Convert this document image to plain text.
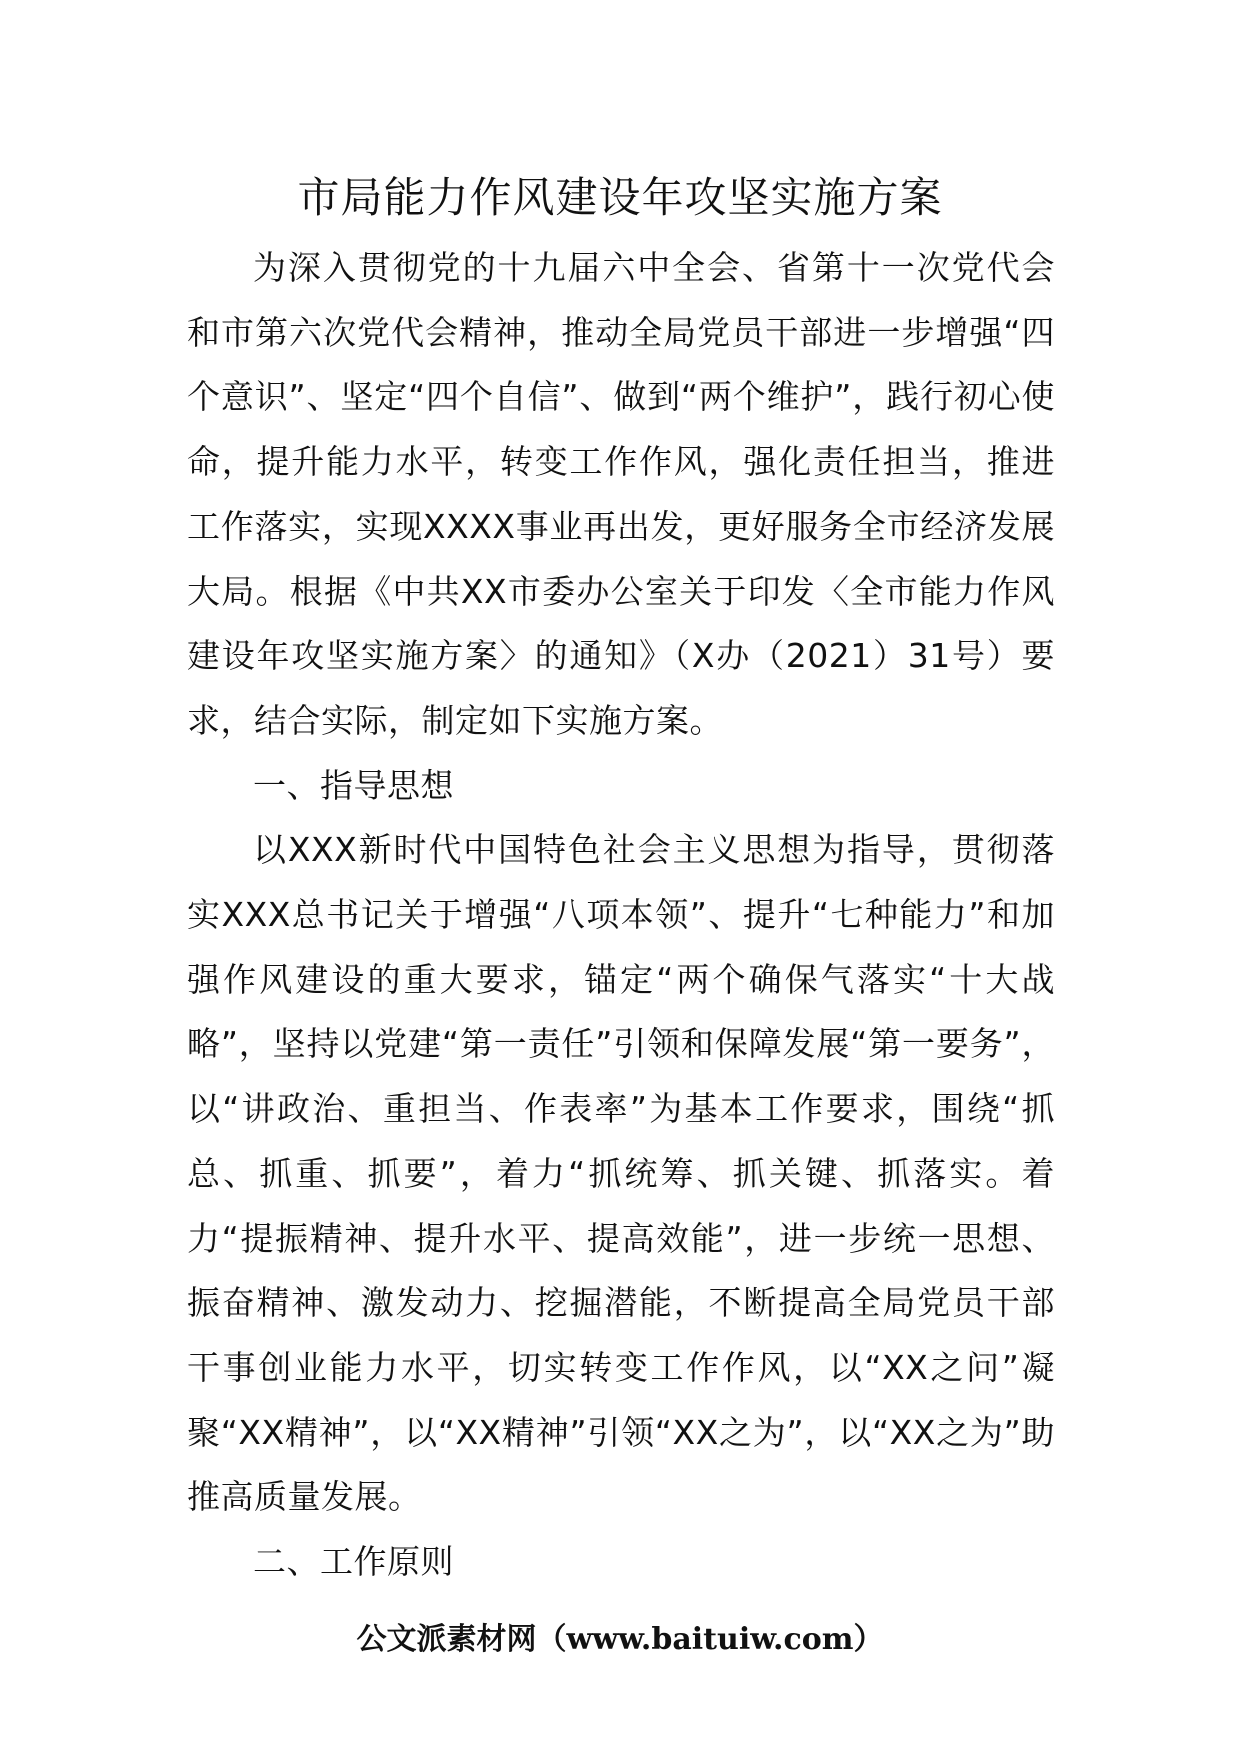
市局能力作风建设年攻坚实施方案

为深入贯彻党的十九届六中全会、省第十一次党代会和市第六次党代会精神，推动全局党员干部进一步增强“四个意识”、坚定“四个自信”、做到“两个维护”，践行初心使命，提升能力水平，转变工作作风，强化责任担当，推进工作落实，实现XXXX事业再出发，更好服务全市经济发展大局。根据《中共XX市委办公室关于印发〈全市能力作风建设年攻坚实施方案〉的通知》（X办（2021）31号）要求，结合实际，制定如下实施方案。

一、指导思想

以XXX新时代中国特色社会主义思想为指导，贯彻落实XXX总书记关于增强“八项本领”、提升“七种能力”和加强作风建设的重大要求，锚定“两个确保气落实“十大战略”，坚持以党建“第一责任”引领和保障发展“第一要务”，以“讲政治、重担当、作表率”为基本工作要求，围绕“抓总、抓重、抓要”，着力“抓统筹、抓关键、抓落实。着力“提振精神、提升水平、提高效能”，进一步统一思想、振奋精神、激发动力、挖掘潜能，不断提高全局党员干部干事创业能力水平，切实转变工作作风，以“XX之问”凝聚“XX精神”，以“XX精神”引领“XX之为”，以“XX之为”助推高质量发展。

二、工作原则

公文派素材网（www.baituiw.com）
